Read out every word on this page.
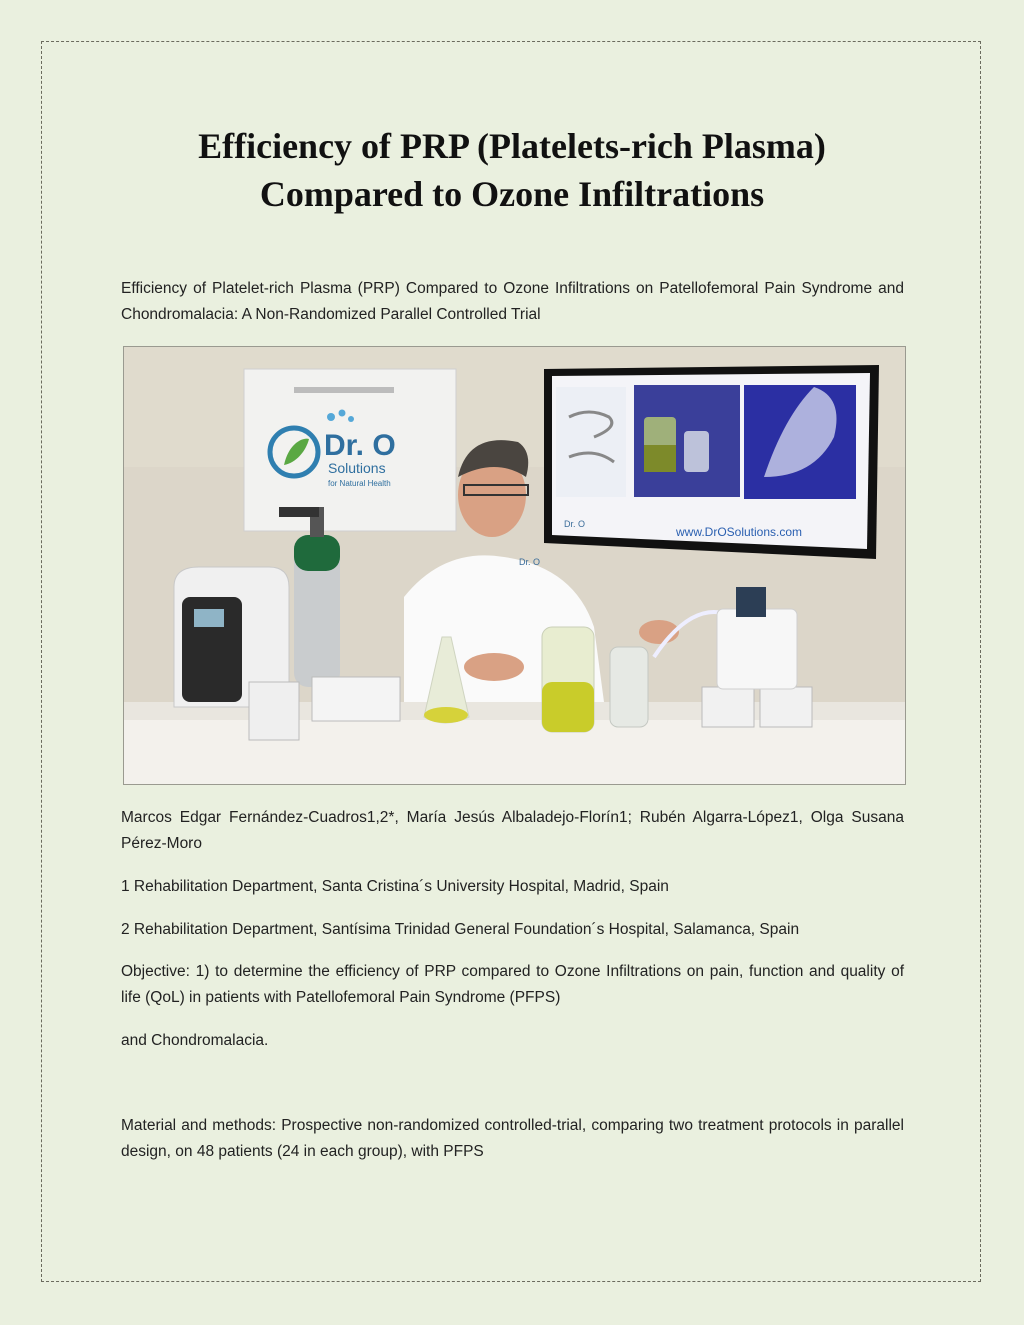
Efficiency of PRP (Platelets-rich Plasma)
Compared to Ozone Infiltrations

Efficiency of Platelet-rich Plasma (PRP) Compared to Ozone Infiltrations on Patellofemoral Pain Syndrome and Chondromalacia: A Non-Randomized Parallel Controlled Trial

Dr. O
Solutions
for Natural Health
Dr. O
www.DrOSolutions.com
Dr. O

Marcos Edgar Fernández-Cuadros1,2*, María Jesús Albaladejo-Florín1; Rubén Algarra-López1, Olga Susana Pérez-Moro

1 Rehabilitation Department, Santa Cristina´s University Hospital, Madrid, Spain

2 Rehabilitation Department, Santísima Trinidad General Foundation´s Hospital, Salamanca, Spain

Objective: 1) to determine the efficiency of PRP compared to Ozone Infiltrations on pain, function and quality of life (QoL) in patients with Patellofemoral Pain Syndrome (PFPS)

and Chondromalacia.

Material and methods: Prospective non-randomized controlled-trial, comparing two treatment protocols in parallel design, on 48 patients (24 in each group), with PFPS
